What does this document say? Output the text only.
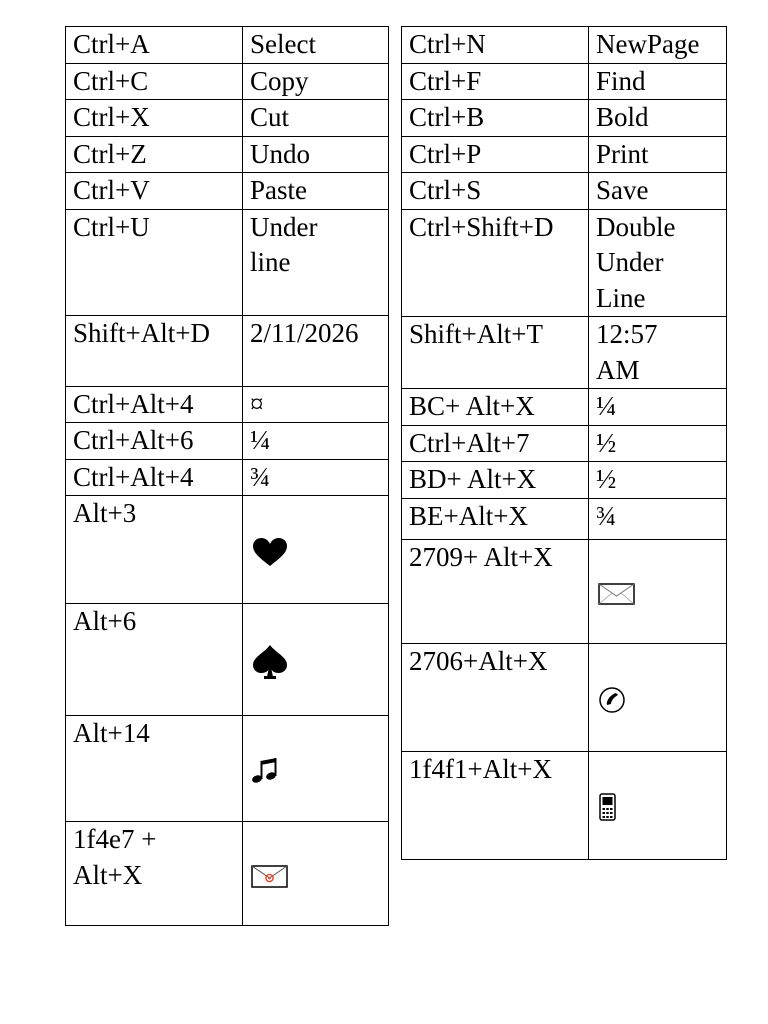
Ctrl+A	Select
Ctrl+C	Copy
Ctrl+X	Cut
Ctrl+Z	Undo
Ctrl+V	Paste
Ctrl+U	Under
line
Shift+Alt+D	2/11/2026
Ctrl+Alt+4	¤
Ctrl+Alt+6	¼
Ctrl+Alt+4	¾
Alt+3	

Alt+6	

Alt+14	

1f4e7 +
Alt+X	

Ctrl+N	NewPage
Ctrl+F	Find
Ctrl+B	Bold
Ctrl+P	Print
Ctrl+S	Save
Ctrl+Shift+D	Double
Under
Line
Shift+Alt+T	12:57
AM
BC+ Alt+X	¼
Ctrl+Alt+7	½
BD+ Alt+X	½
BE+Alt+X	¾
2709+ Alt+X	

2706+Alt+X	

1f4f1+Alt+X	
